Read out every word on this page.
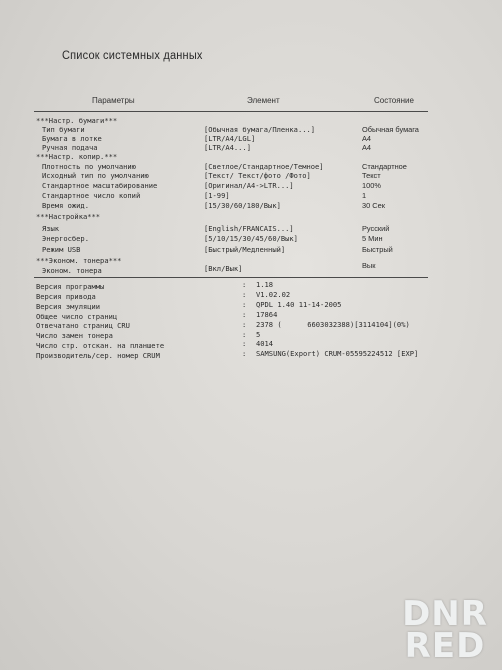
Список системных данных
Параметры	Элемент	Состояние
***Настр. бумаги***
Тип бумаги	[Обычная бумага/Пленка...]	Обычная бумага
Бумага в лотке	[LTR/A4/LGL]	A4
Ручная подача	[LTR/A4...]	A4
***Настр. копир.***
Плотность по умолчанию	[Светлое/Стандартное/Темное]	Стандартное
Исходный тип по умолчанию	[Текст/ Текст/фото /Фото]	Текст
Стандартное масштабирование	[Оригинал/A4->LTR...]	100%
Стандартное число копий	[1-99]	1
Время ожид.	[15/30/60/180/Вык]	30 Сек
***Настройка***
Язык	[English/FRANCAIS...]	Русский
Энергосбер.	[5/10/15/30/45/60/Вык]	5 Мин
Режим USB	[Быстрый/Медленный]	Быстрый
***Эконом. тонера***
Эконом. тонера	[Вкл/Вык]	Вык
Версия программы	: 1.18
Версия привода	: V1.02.02
Версия эмуляции	: QPDL 1.40 11-14-2005
Общее число страниц	: 17864
Отвечатано страниц CRU	: 2378 (      6603032388)[3114104](0%)
Число замен тонера	: 5
Число стр. отскан. на планшете	: 4014
Производитель/сер. номер CRUM	: SAMSUNG(Export) CRUM-05595224512 [EXP]
DNR
RED
